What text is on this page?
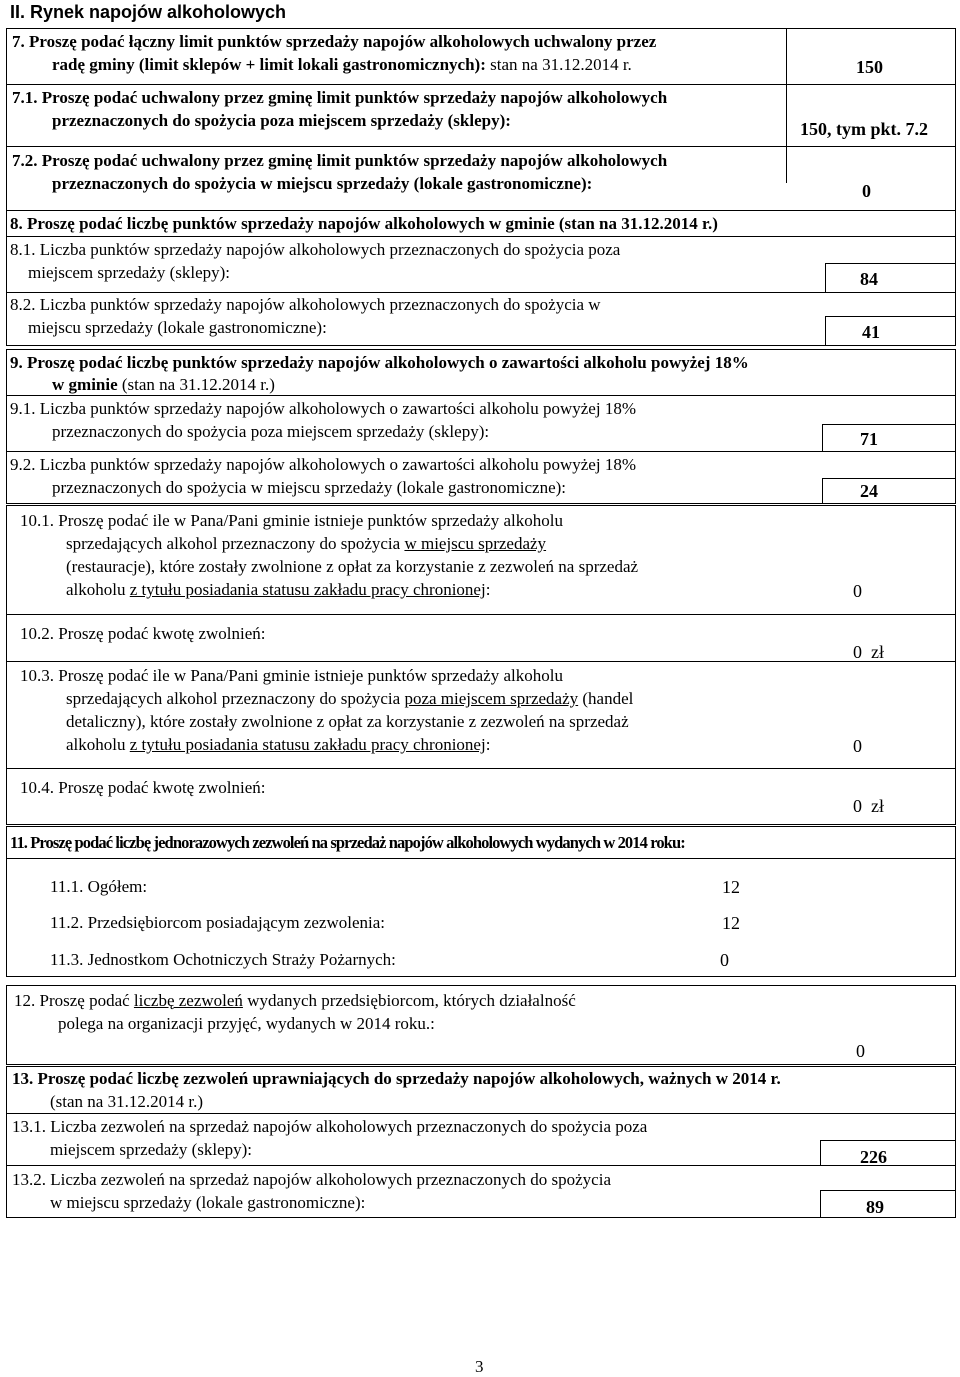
II. Rynek napojów alkoholowych
7. Proszę podać łączny limit punktów sprzedaży napojów alkoholowych uchwalony przez
radę gminy (limit sklepów + limit lokali gastronomicznych): stan na 31.12.2014 r.	150
7.1. Proszę podać uchwalony przez gminę limit punktów sprzedaży napojów alkoholowych
przeznaczonych do spożycia poza miejscem sprzedaży (sklepy):	150, tym pkt. 7.2
7.2. Proszę podać uchwalony przez gminę limit punktów sprzedaży napojów alkoholowych
przeznaczonych do spożycia w miejscu sprzedaży (lokale gastronomiczne):	0
8. Proszę podać liczbę punktów sprzedaży napojów alkoholowych w gminie (stan na 31.12.2014 r.)
8.1. Liczba punktów sprzedaży napojów alkoholowych przeznaczonych do spożycia poza
miejscem sprzedaży (sklepy):	84
8.2. Liczba punktów sprzedaży napojów alkoholowych przeznaczonych do spożycia w
miejscu sprzedaży (lokale gastronomiczne):	41
9. Proszę podać liczbę punktów sprzedaży napojów alkoholowych o zawartości alkoholu powyżej 18%
w gminie (stan na 31.12.2014 r.)
9.1. Liczba punktów sprzedaży napojów alkoholowych o zawartości alkoholu powyżej 18%
przeznaczonych do spożycia poza miejscem sprzedaży (sklepy):	71
9.2. Liczba punktów sprzedaży napojów alkoholowych o zawartości alkoholu powyżej 18%
przeznaczonych do spożycia w miejscu sprzedaży (lokale gastronomiczne):	24
10.1. Proszę podać ile w Pana/Pani gminie istnieje punktów sprzedaży alkoholu
sprzedających alkohol przeznaczony do spożycia w miejscu sprzedaży
(restauracje), które zostały zwolnione z opłat za korzystanie z zezwoleń na sprzedaż
alkoholu z tytułu posiadania statusu zakładu pracy chronionej:	0
10.2. Proszę podać kwotę zwolnień:
0 zł
10.3. Proszę podać ile w Pana/Pani gminie istnieje punktów sprzedaży alkoholu
sprzedających alkohol przeznaczony do spożycia poza miejscem sprzedaży (handel
detaliczny), które zostały zwolnione z opłat za korzystanie z zezwoleń na sprzedaż
alkoholu z tytułu posiadania statusu zakładu pracy chronionej:	0
10.4. Proszę podać kwotę zwolnień:
0 zł
11. Proszę podać liczbę jednorazowych zezwoleń na sprzedaż napojów alkoholowych wydanych w 2014 roku:
11.1. Ogółem:	12
11.2. Przedsiębiorcom posiadającym zezwolenia:	12
11.3. Jednostkom Ochotniczych Straży Pożarnych:	0
12. Proszę podać liczbę zezwoleń wydanych przedsiębiorcom, których działalność
polega na organizacji przyjęć, wydanych w 2014 roku.:
0
13. Proszę podać liczbę zezwoleń uprawniających do sprzedaży napojów alkoholowych, ważnych w 2014 r.
(stan na 31.12.2014 r.)
13.1. Liczba zezwoleń na sprzedaż napojów alkoholowych przeznaczonych do spożycia poza
miejscem sprzedaży (sklepy):	226
13.2. Liczba zezwoleń na sprzedaż napojów alkoholowych przeznaczonych do spożycia
w miejscu sprzedaży (lokale gastronomiczne):	89
3
